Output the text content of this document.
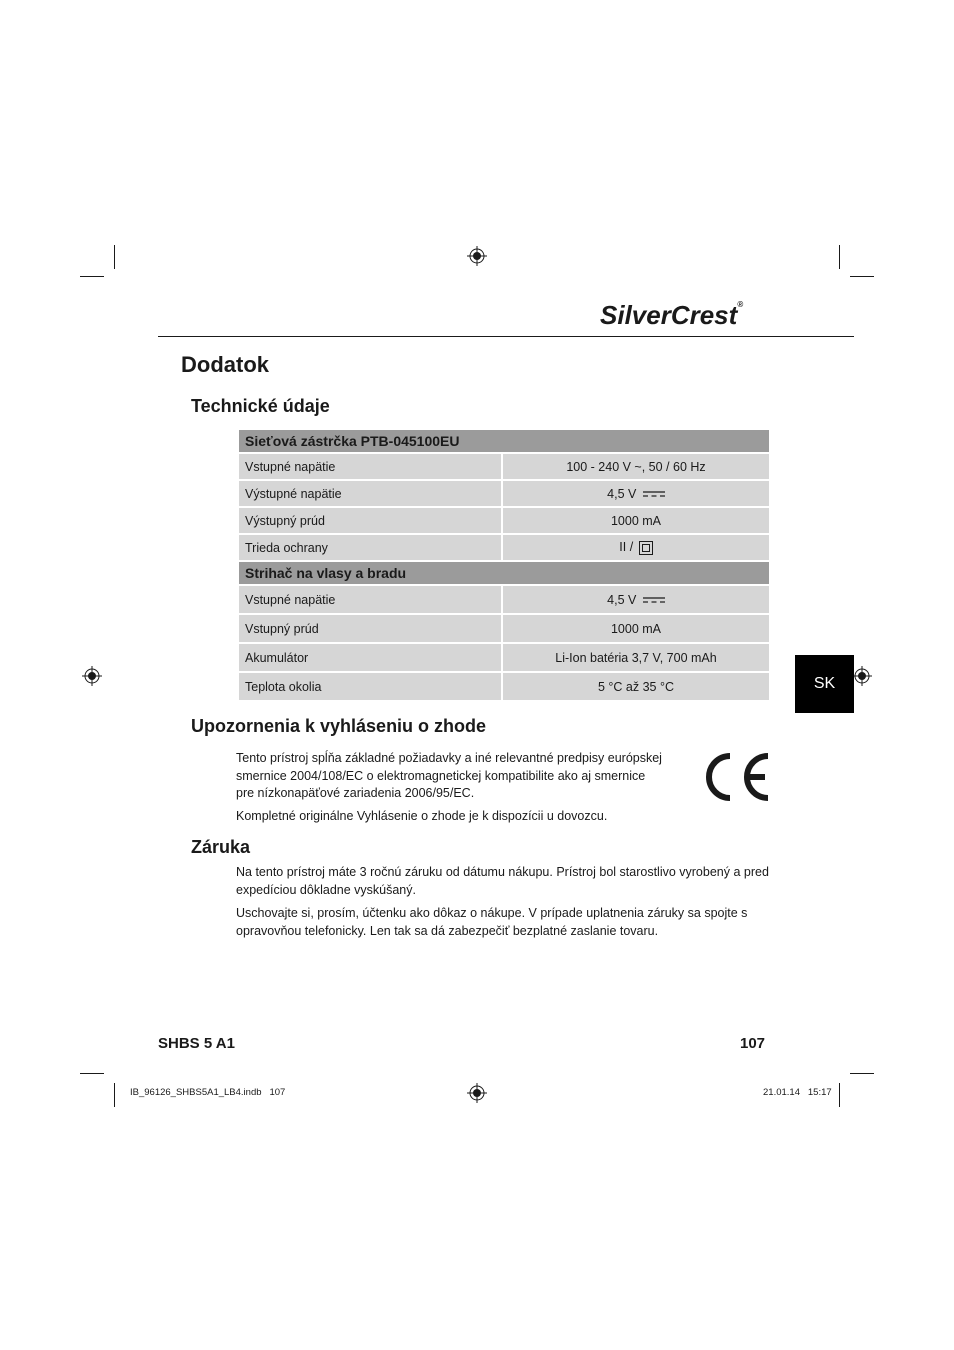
SilverCrest®
Dodatok
Technické údaje
Sieťová zástrčka PTB-045100EU	
Vstupné napätie	100 - 240 V ~, 50 / 60 Hz
Výstupné napätie	4,5 V
Výstupný prúd	1000 mA
Trieda ochrany	II /
Strihač na vlasy a bradu	
Vstupné napätie	4,5 V
Vstupný prúd	1000 mA
Akumulátor	Li-Ion batéria 3,7 V, 700 mAh
Teplota okolia	5 °C až 35 °C	SK
Upozornenia k vyhláseniu o zhode

Tento prístroj spĺňa základné požiadavky a iné relevantné predpisy európskej smernice 2004/108/EC o elektromagnetickej kompatibilite ako aj smernice pre nízkonapäťové zariadenia 2006/95/EC.

Kompletné originálne Vyhlásenie o zhode je k dispozícii u dovozcu.

Záruka

Na tento prístroj máte 3 ročnú záruku od dátumu nákupu. Prístroj bol starostlivo vyrobený a pred expedíciou dôkladne vyskúšaný.

Uschovajte si, prosím, účtenku ako dôkaz o nákupe. V prípade uplatnenia záruky sa spojte s opravovňou telefonicky. Len tak sa dá zabezpečiť bezplatné zaslanie tovaru.

SHBS 5 A1	107
IB_96126_SHBS5A1_LB4.indb   107	21.01.14   15:17
